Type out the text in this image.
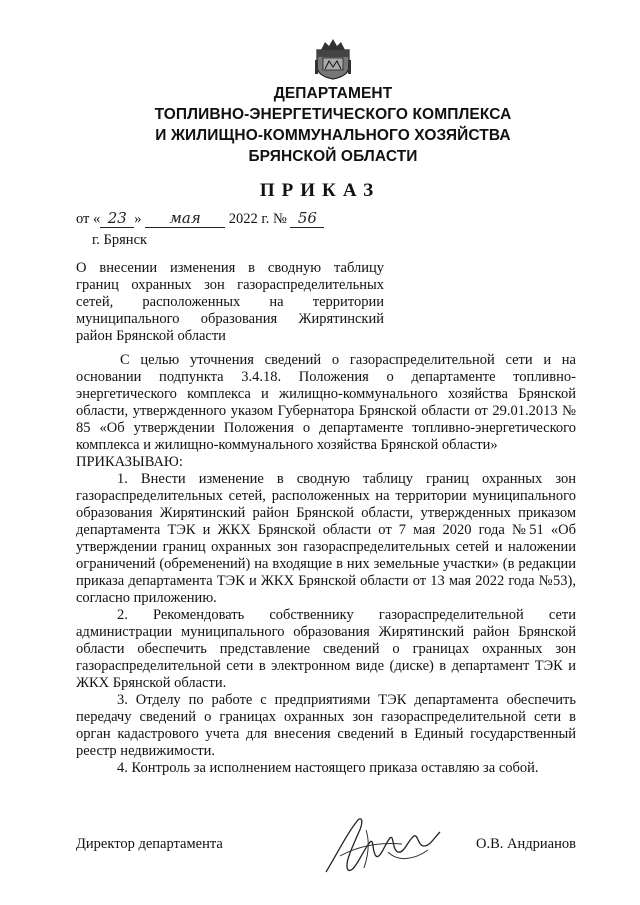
ДЕПАРТАМЕНТ
ТОПЛИВНО-ЭНЕРГЕТИЧЕСКОГО КОМПЛЕКСА
И ЖИЛИЩНО-КОММУНАЛЬНОГО ХОЗЯЙСТВА
БРЯНСКОЙ ОБЛАСТИ
ПРИКАЗ
от « 23 » мая 2022 г. № 56
г. Брянск
О внесении изменения в сводную таблицу границ охранных зон газораспределительных сетей, расположенных на территории муниципального образования Жирятинский район Брянской области

С целью уточнения сведений о газораспределительной сети и на основании подпункта 3.4.18. Положения о департаменте топливно-энергетического комплекса и жилищно-коммунального хозяйства Брянской области, утвержденного указом Губернатора Брянской области от 29.01.2013 № 85 «Об утверждении Положения о департаменте топливно-энергетического комплекса и жилищно-коммунального хозяйства Брянской области»

ПРИКАЗЫВАЮ:

1. Внести изменение в сводную таблицу границ охранных зон газораспределительных сетей, расположенных на территории муниципального образования Жирятинский район Брянской области, утвержденных приказом департамента ТЭК и ЖКХ Брянской области от 7 мая 2020 года №51 «Об утверждении границ охранных зон газораспределительных сетей и наложении ограничений (обременений) на входящие в них земельные участки» (в редакции приказа департамента ТЭК и ЖКХ Брянской области от 13 мая 2022 года №53), согласно приложению.

2. Рекомендовать собственнику газораспределительной сети администрации муниципального образования Жирятинский район Брянской области обеспечить представление сведений о границах охранных зон газораспределительной сети в электронном виде (диске) в департамент ТЭК и ЖКХ Брянской области.

3. Отделу по работе с предприятиями ТЭК департамента обеспечить передачу сведений о границах охранных зон газораспределительной сети в орган кадастрового учета для внесения сведений в Единый государственный реестр недвижимости.

4. Контроль за исполнением настоящего приказа оставляю за собой.

Директор департамента	О.В. Андрианов
